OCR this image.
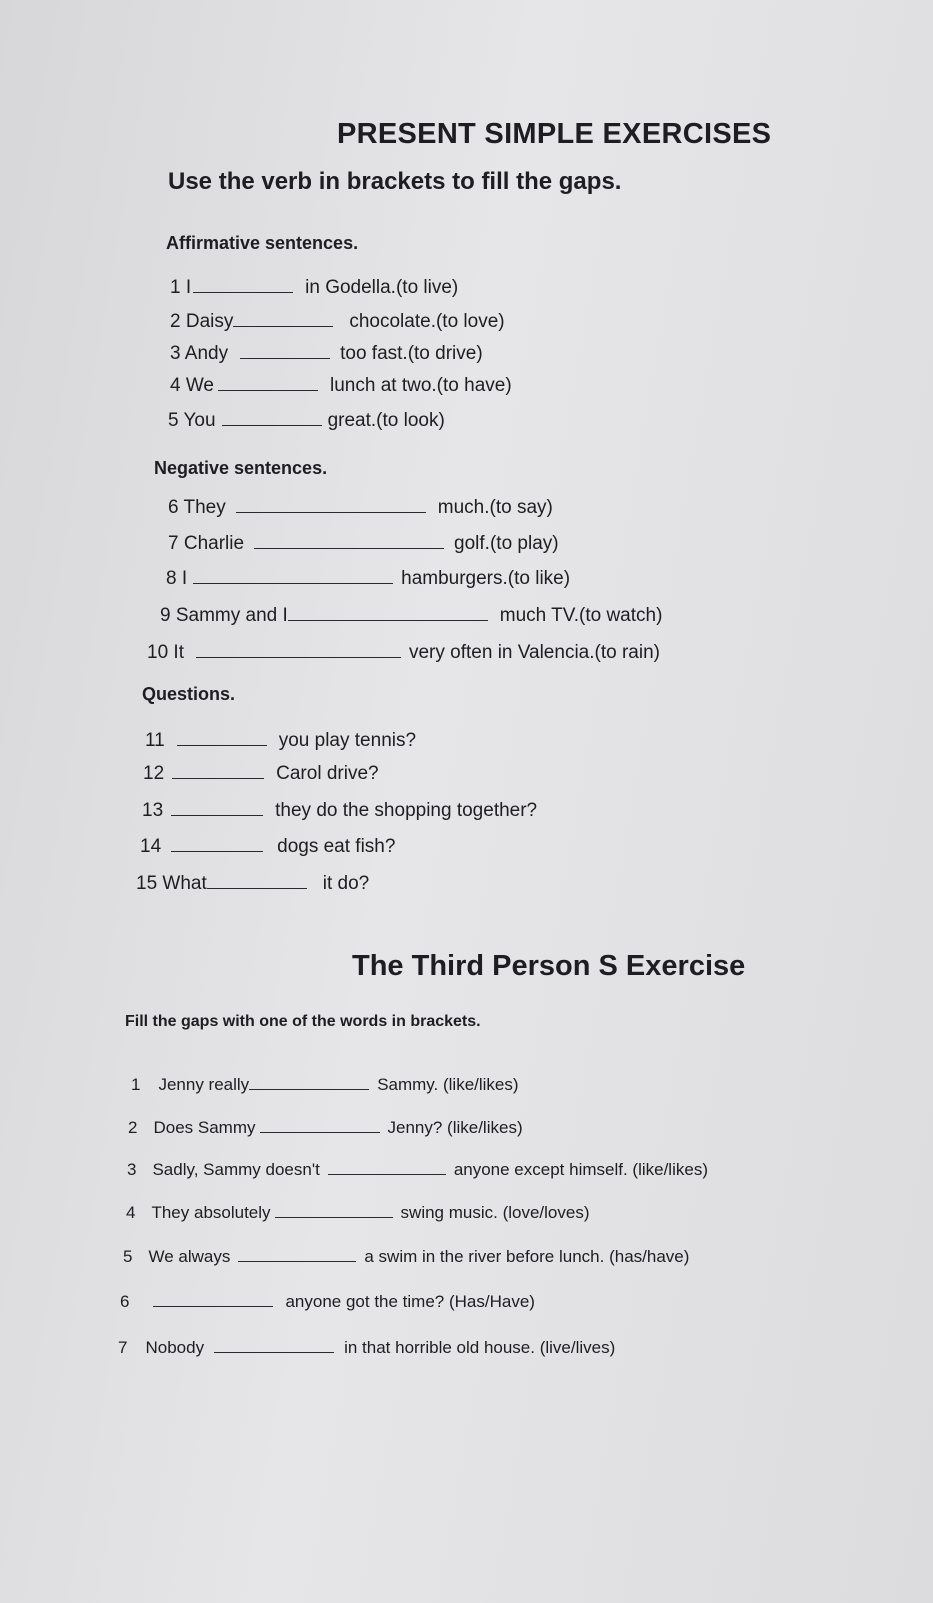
PRESENT SIMPLE EXERCISES
Use the verb in brackets to fill the gaps.
Affirmative sentences.
1 I	in Godella.(to live)
2 Daisy	chocolate.(to love)
3 Andy	too fast.(to drive)
4 We	lunch at two.(to have)
5 You	great.(to look)
Negative sentences.
6 They	much.(to say)
7 Charlie	golf.(to play)
8 I	hamburgers.(to like)
9 Sammy and I	much TV.(to watch)
10 It	very often in Valencia.(to rain)
Questions.
11	you play tennis?
12	Carol drive?
13	they do the shopping together?
14	dogs eat fish?
15 What	it do?
The Third Person S Exercise
Fill the gaps with one of the words in brackets.
1 Jenny really	Sammy. (like/likes)
2 Does Sammy	Jenny? (like/likes)
3 Sadly, Sammy doesn't	anyone except himself. (like/likes)
4 They absolutely	swing music. (love/loves)
5 We always	a swim in the river before lunch. (has/have)
6	anyone got the time? (Has/Have)
7 Nobody	in that horrible old house. (live/lives)
